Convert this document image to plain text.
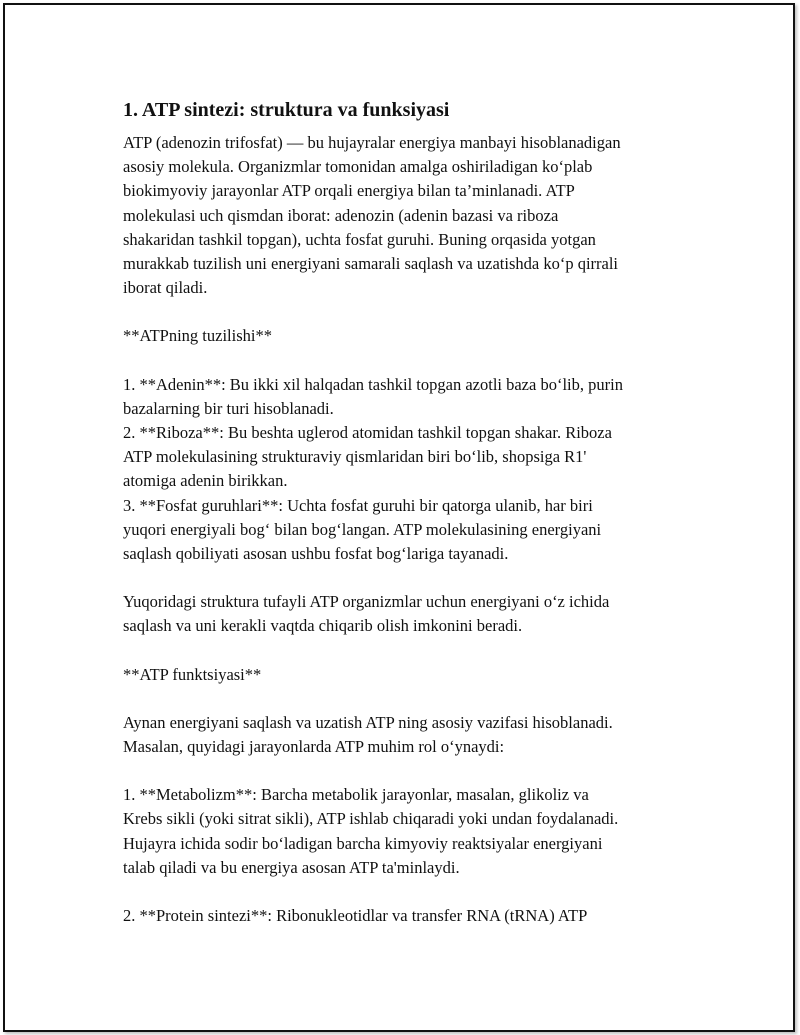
1. ATP sintezi: struktura va funksiyasi

ATP (adenozin trifosfat) — bu hujayralar energiya manbayi hisoblanadigan
asosiy molekula. Organizmlar tomonidan amalga oshiriladigan ko‘plab
biokimyoviy jarayonlar ATP orqali energiya bilan ta’minlanadi. ATP
molekulasi uch qismdan iborat: adenozin (adenin bazasi va riboza
shakaridan tashkil topgan), uchta fosfat guruhi. Buning orqasida yotgan
murakkab tuzilish uni energiyani samarali saqlash va uzatishda ko‘p qirrali
iborat qiladi.

**ATPning tuzilishi**

1. **Adenin**: Bu ikki xil halqadan tashkil topgan azotli baza bo‘lib, purin
bazalarning bir turi hisoblanadi.

2. **Riboza**: Bu beshta uglerod atomidan tashkil topgan shakar. Riboza
ATP molekulasining strukturaviy qismlaridan biri bo‘lib, shopsiga R1'
atomiga adenin birikkan.

3. **Fosfat guruhlari**: Uchta fosfat guruhi bir qatorga ulanib, har biri
yuqori energiyali bog‘ bilan bog‘langan. ATP molekulasining energiyani
saqlash qobiliyati asosan ushbu fosfat bog‘lariga tayanadi.

Yuqoridagi struktura tufayli ATP organizmlar uchun energiyani o‘z ichida
saqlash va uni kerakli vaqtda chiqarib olish imkonini beradi.

**ATP funktsiyasi**

Aynan energiyani saqlash va uzatish ATP ning asosiy vazifasi hisoblanadi.
Masalan, quyidagi jarayonlarda ATP muhim rol o‘ynaydi:

1. **Metabolizm**: Barcha metabolik jarayonlar, masalan, glikoliz va
Krebs sikli (yoki sitrat sikli), ATP ishlab chiqaradi yoki undan foydalanadi.
Hujayra ichida sodir bo‘ladigan barcha kimyoviy reaktsiyalar energiyani
talab qiladi va bu energiya asosan ATP ta'minlaydi.

2. **Protein sintezi**: Ribonukleotidlar va transfer RNA (tRNA) ATP
